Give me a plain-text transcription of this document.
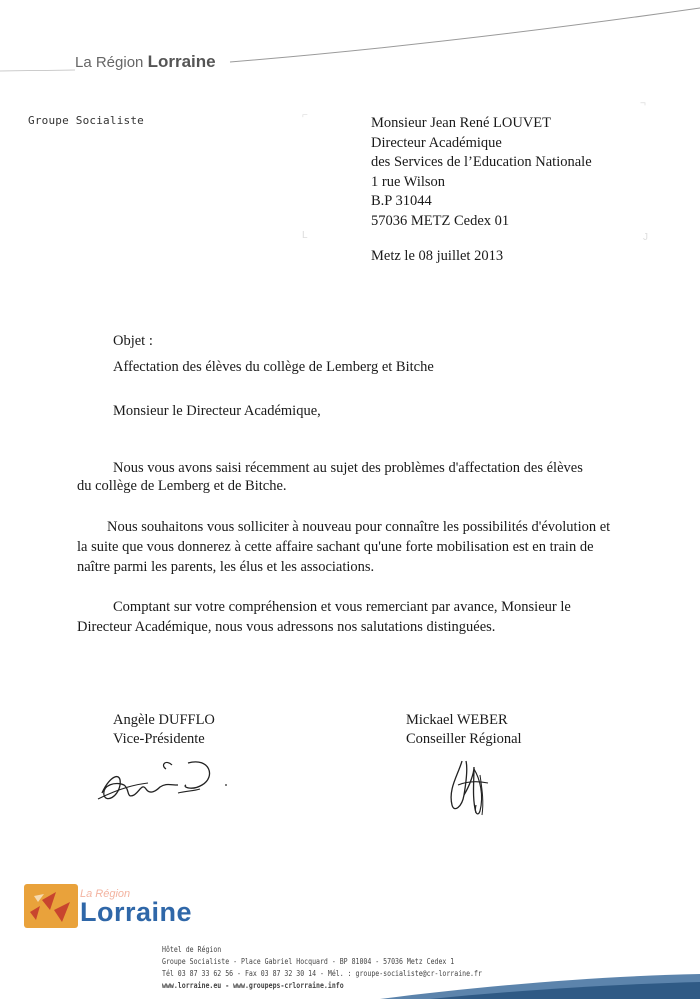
La Région Lorraine
Groupe Socialiste	⌐
¬
L	J
Monsieur Jean René LOUVET
Directeur Académique
des Services de l’Education Nationale
1 rue Wilson
B.P 31044
57036 METZ Cedex 01
Metz le 08 juillet 2013
Objet :
Affectation des élèves du collège de Lemberg et Bitche
Monsieur le Directeur Académique,
Nous vous avons saisi récemment au sujet des problèmes d'affectation des élèves
du collège de Lemberg et de Bitche.
Nous souhaitons vous solliciter à nouveau pour connaître les possibilités d'évolution et
la suite que vous donnerez à cette affaire sachant qu'une forte mobilisation est en train de
naître parmi les parents, les élus et les associations.
Comptant sur votre compréhension et vous remerciant par avance, Monsieur le
Directeur Académique, nous vous adressons nos salutations distinguées.
Angèle DUFFLO
Vice-Présidente
Mickael WEBER
Conseiller Régional
La Région
Lorraine
Hôtel de Région
Groupe Socialiste - Place Gabriel Hocquard - BP 81004 - 57036 Metz Cedex 1
Tél 03 87 33 62 56 - Fax 03 87 32 30 14 - Mél. : groupe-socialiste@cr-lorraine.fr
www.lorraine.eu - www.groupeps-crlorraine.info
